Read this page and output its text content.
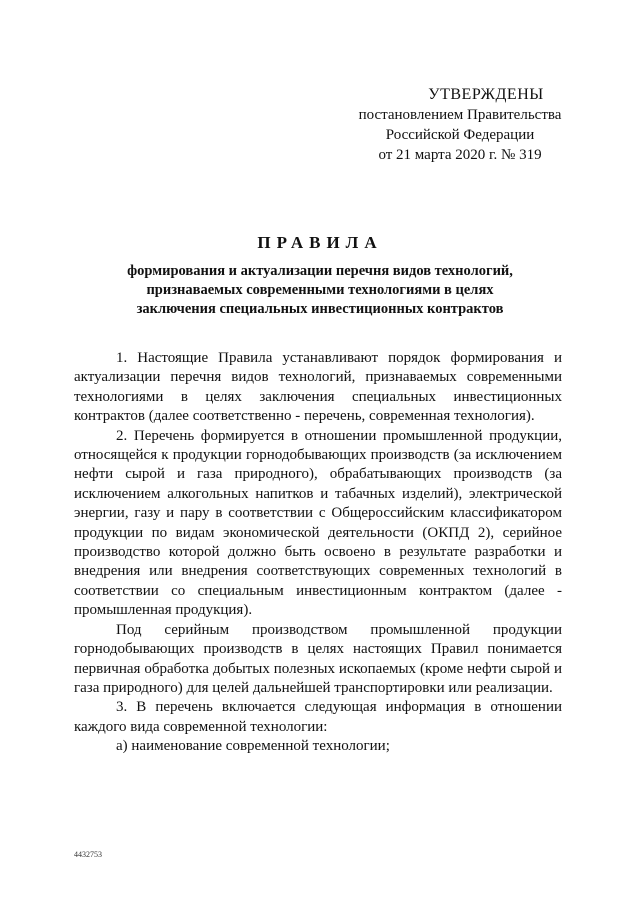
УТВЕРЖДЕНЫ
постановлением Правительства
Российской Федерации
от 21 марта 2020 г. № 319
ПРАВИЛА
формирования и актуализации перечня видов технологий,
признаваемых современными технологиями в целях
заключения специальных инвестиционных контрактов

1. Настоящие Правила устанавливают порядок формирования и актуализации перечня видов технологий, признаваемых современными технологиями в целях заключения специальных инвестиционных контрактов (далее соответственно - перечень, современная технология).

2. Перечень формируется в отношении промышленной продукции, относящейся к продукции горнодобывающих производств (за исключением нефти сырой и газа природного), обрабатывающих производств (за исключением алкогольных напитков и табачных изделий), электрической энергии, газу и пару в соответствии с Общероссийским классификатором продукции по видам экономической деятельности (ОКПД 2), серийное производство которой должно быть освоено в результате разработки и внедрения или внедрения соответствующих современных технологий в соответствии со специальным инвестиционным контрактом (далее - промышленная продукция).

Под серийным производством промышленной продукции горнодобывающих производств в целях настоящих Правил понимается первичная обработка добытых полезных ископаемых (кроме нефти сырой и газа природного) для целей дальнейшей транспортировки или реализации.

3. В перечень включается следующая информация в отношении каждого вида современной технологии:

а) наименование современной технологии;

4432753
